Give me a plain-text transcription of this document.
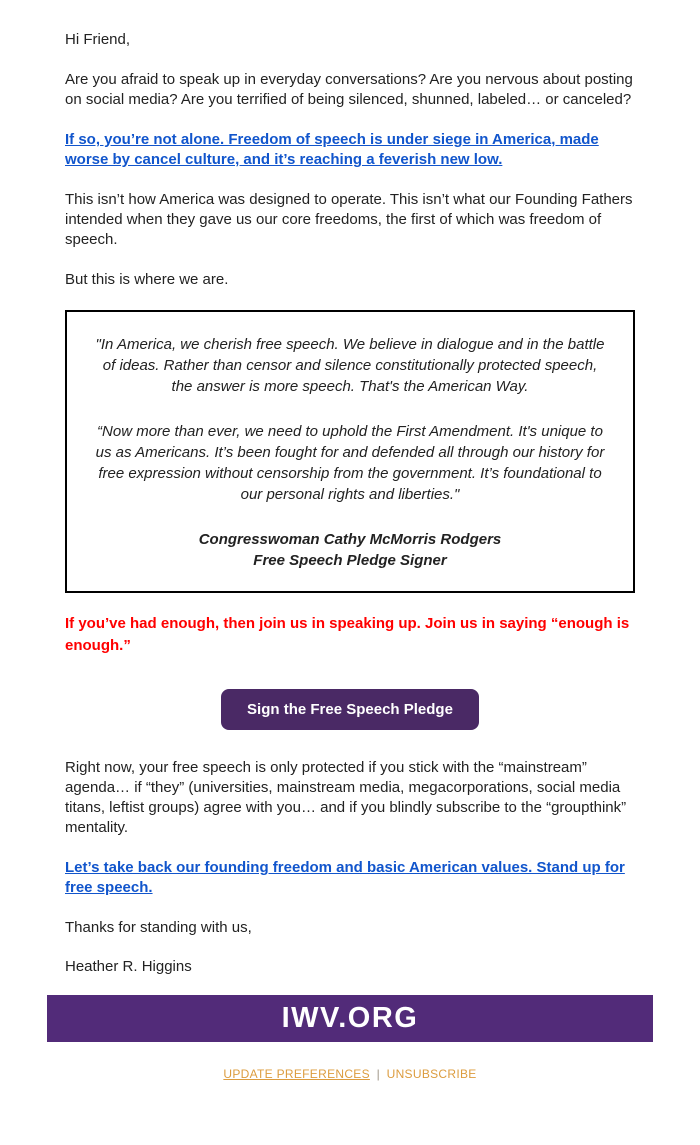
Hi Friend,

Are you afraid to speak up in everyday conversations? Are you nervous about posting on social media? Are you terrified of being silenced, shunned, labeled… or canceled?

If so, you’re not alone. Freedom of speech is under siege in America, made worse by cancel culture, and it’s reaching a feverish new low.

This isn’t how America was designed to operate. This isn’t what our Founding Fathers intended when they gave us our core freedoms, the first of which was freedom of speech.

But this is where we are.

"In America, we cherish free speech. We believe in dialogue and in the battle of ideas. Rather than censor and silence constitutionally protected speech, the answer is more speech. That's the American Way.

“Now more than ever, we need to uphold the First Amendment. It's unique to us as Americans. It’s been fought for and defended all through our history for free expression without censorship from the government. It’s foundational to our personal rights and liberties."

Congresswoman Cathy McMorris Rodgers
Free Speech Pledge Signer

If you’ve had enough, then join us in speaking up. Join us in saying “enough is enough.”

Sign the Free Speech Pledge

Right now, your free speech is only protected if you stick with the “mainstream” agenda… if “they” (universities, mainstream media, megacorporations, social media titans, leftist groups) agree with you… and if you blindly subscribe to the “groupthink” mentality.

Let’s take back our founding freedom and basic American values. Stand up for free speech.

Thanks for standing with us,

Heather R. Higgins

IWV.ORG
UPDATE PREFERENCES | UNSUBSCRIBE
